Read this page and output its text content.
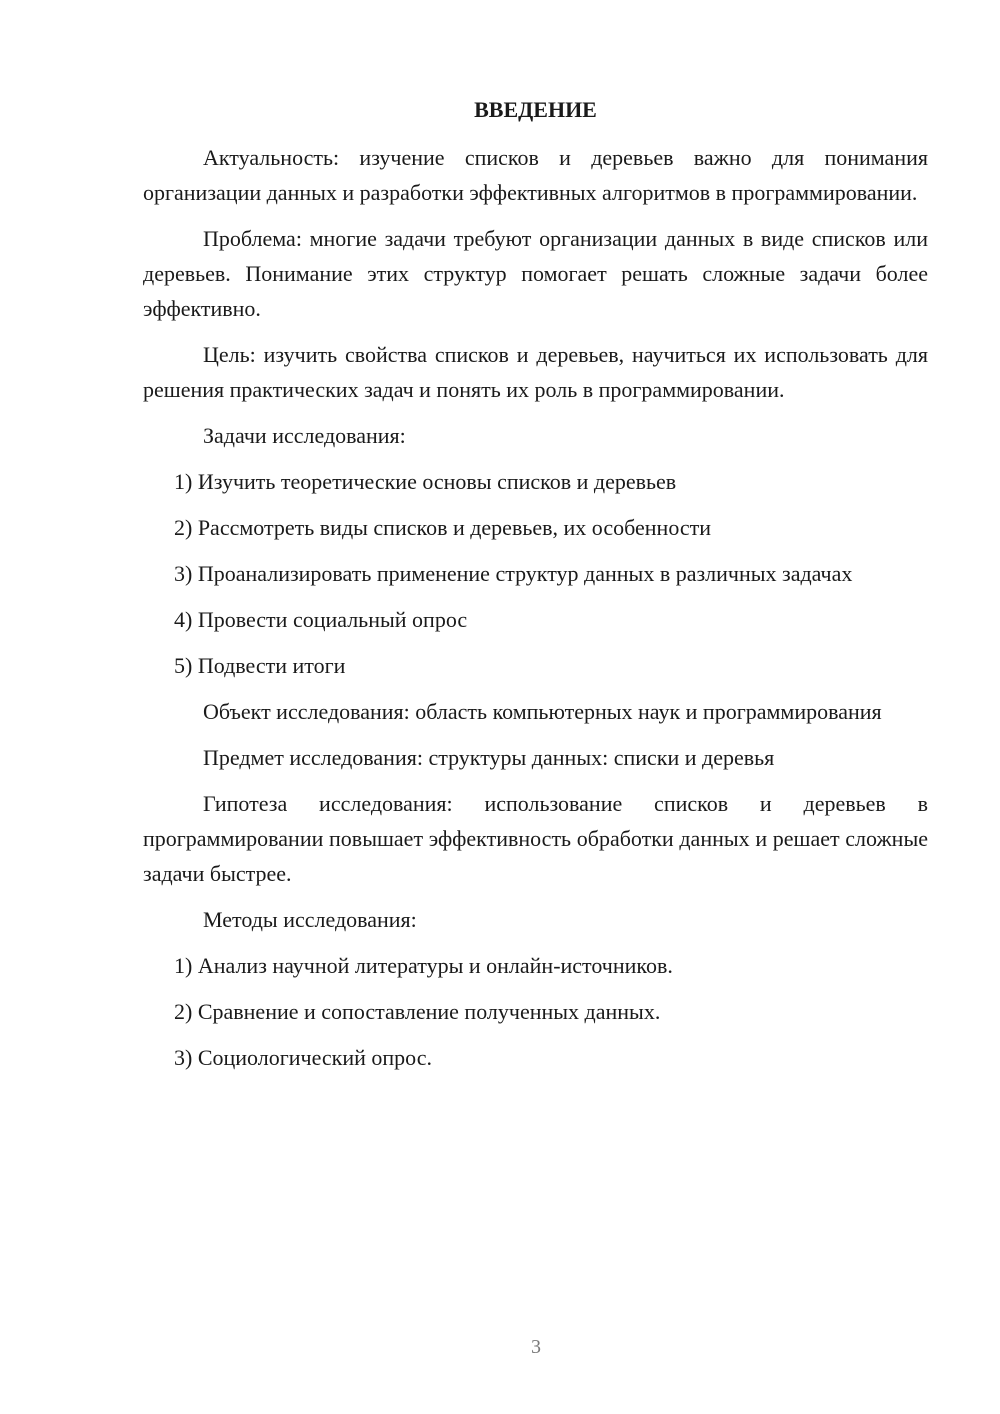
ВВЕДЕНИЕ

Актуальность: изучение списков и деревьев важно для понимания организации данных и разработки эффективных алгоритмов в программировании.

Проблема: многие задачи требуют организации данных в виде списков или деревьев. Понимание этих структур помогает решать сложные задачи более эффективно.

Цель: изучить свойства списков и деревьев, научиться их использовать для решения практических задач и понять их роль в программировании.

Задачи исследования:

1) Изучить теоретические основы списков и деревьев

2) Рассмотреть виды списков и деревьев, их особенности

3) Проанализировать применение структур данных в различных задачах

4) Провести социальный опрос

5) Подвести итоги

Объект исследования: область компьютерных наук и программирования

Предмет исследования: структуры данных: списки и деревья

Гипотеза исследования: использование списков и деревьев в программировании повышает эффективность обработки данных и решает сложные задачи быстрее.

Методы исследования:

1) Анализ научной литературы и онлайн-источников.

2) Сравнение и сопоставление полученных данных.

3) Социологический опрос.

3
